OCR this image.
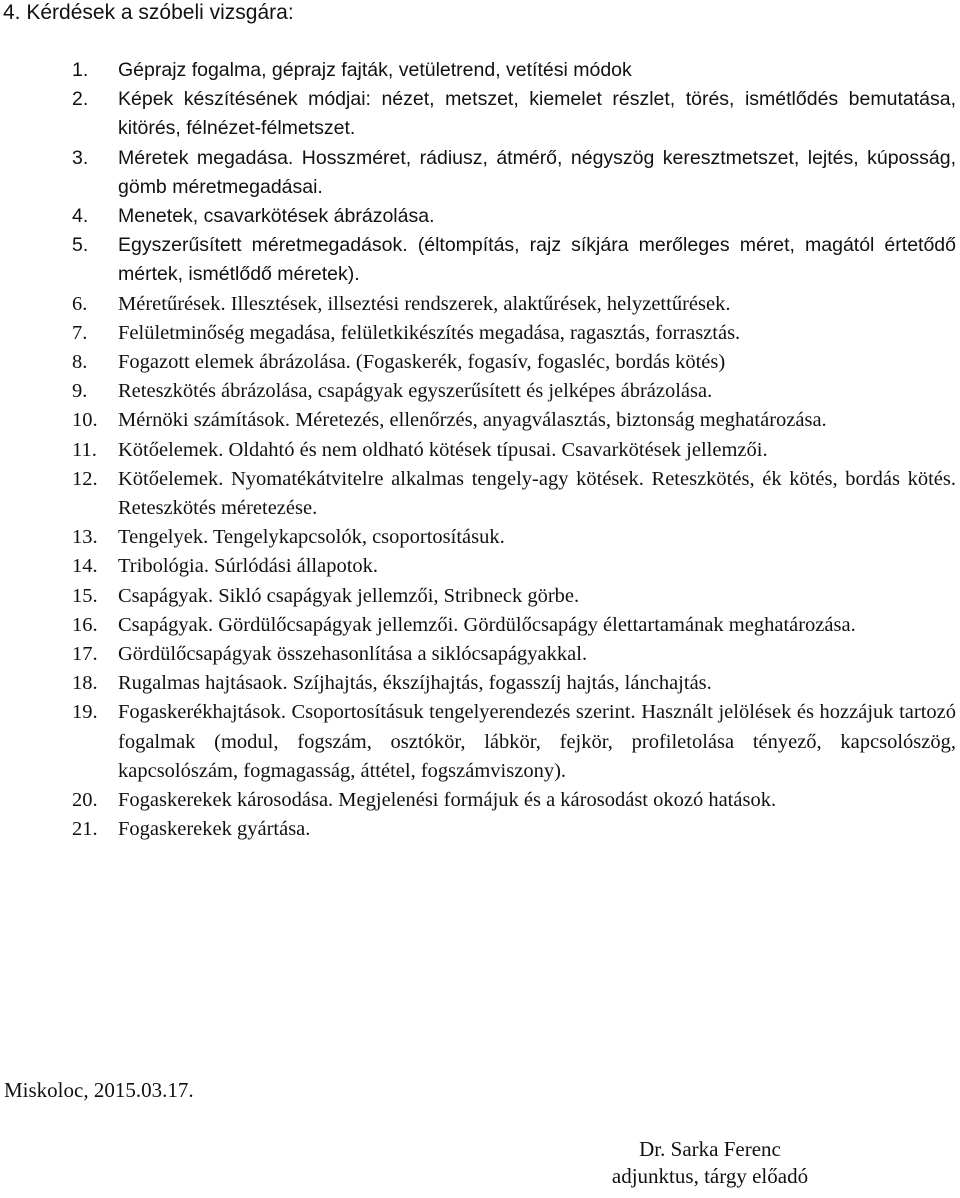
4. Kérdések a szóbeli vizsgára:
1. Géprajz fogalma, géprajz fajták, vetületrend, vetítési módok
2. Képek készítésének módjai: nézet, metszet, kiemelet részlet, törés, ismétlődés bemutatása, kitörés, félnézet-félmetszet.
3. Méretek megadása. Hosszméret, rádiusz, átmérő, négyszög keresztmetszet, lejtés, kúposság, gömb méretmegadásai.
4. Menetek, csavarkötések ábrázolása.
5. Egyszerűsített méretmegadások. (éltompítás, rajz síkjára merőleges méret, magától értetődő mértek, ismétlődő méretek).
6. Méretűrések. Illesztések, illseztési rendszerek, alaktűrések, helyzettűrések.
7. Felületminőség megadása, felületkikészítés megadása, ragasztás, forrasztás.
8. Fogazott elemek ábrázolása. (Fogaskerék, fogasív, fogasléc, bordás kötés)
9. Reteszkötés ábrázolása, csapágyak egyszerűsített és jelképes ábrázolása.
10. Mérnöki számítások. Méretezés, ellenőrzés, anyagválasztás, biztonság meghatározása.
11. Kötőelemek. Oldahtó és nem oldható kötések típusai. Csavarkötések jellemzői.
12. Kötőelemek. Nyomatékátvitelre alkalmas tengely-agy kötések. Reteszkötés, ék kötés, bordás kötés. Reteszkötés méretezése.
13. Tengelyek. Tengelykapcsolók, csoportosításuk.
14. Tribológia. Súrlódási állapotok.
15. Csapágyak. Sikló csapágyak jellemzői, Stribneck görbe.
16. Csapágyak. Gördülőcsapágyak jellemzői. Gördülőcsapágy élettartamának meghatározása.
17. Gördülőcsapágyak összehasonlítása a siklócsapágyakkal.
18. Rugalmas hajtásaok. Szíjhajtás, ékszíjhajtás, fogasszíj hajtás, lánchajtás.
19. Fogaskerékhajtások. Csoportosításuk tengelyerendezés szerint. Használt jelölések és hozzájuk tartozó fogalmak (modul, fogszám, osztókör, lábkör, fejkör, profiletolása tényező, kapcsolószög, kapcsolószám, fogmagasság, áttétel, fogszámviszony).
20. Fogaskerekek károsodása. Megjelenési formájuk és a károsodást okozó hatások.
21. Fogaskerekek gyártása.
Miskoloc, 2015.03.17.
Dr. Sarka Ferenc
adjunktus, tárgy előadó
